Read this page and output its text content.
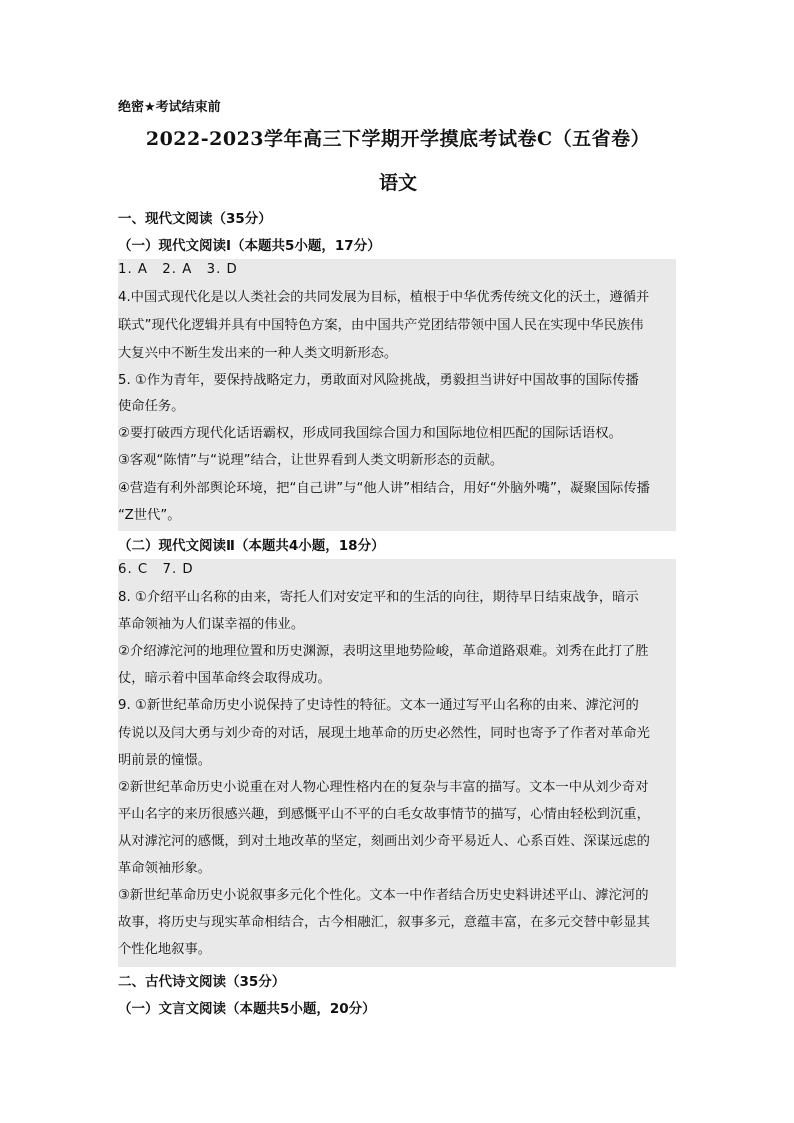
绝密★考试结束前
2022-2023学年高三下学期开学摸底考试卷C（五省卷）
语文
一、现代文阅读（35分）
（一）现代文阅读Ⅰ（本题共5小题，17分）
1. A　2. A　3. D
4.中国式现代化是以人类社会的共同发展为目标，植根于中华优秀传统文化的沃土，遵循并
联式”现代化逻辑并具有中国特色方案，由中国共产党团结带领中国人民在实现中华民族伟
大复兴中不断生发出来的一种人类文明新形态。
5. ①作为青年，要保持战略定力，勇敢面对风险挑战，勇毅担当讲好中国故事的国际传播
使命任务。
②要打破西方现代化话语霸权，形成同我国综合国力和国际地位相匹配的国际话语权。
③客观“陈情”与“说理”结合，让世界看到人类文明新形态的贡献。
④营造有利外部舆论环境，把“自己讲”与“他人讲”相结合，用好“外脑外嘴”，凝聚国际传播
“Z世代”。
（二）现代文阅读Ⅱ（本题共4小题，18分）
6. C　7. D
8. ①介绍平山名称的由来，寄托人们对安定平和的生活的向往，期待早日结束战争，暗示
革命领袖为人们谋幸福的伟业。
②介绍滹沱河的地理位置和历史渊源，表明这里地势险峻，革命道路艰难。刘秀在此打了胜
仗，暗示着中国革命终会取得成功。
9. ①新世纪革命历史小说保持了史诗性的特征。文本一通过写平山名称的由来、滹沱河的
传说以及闫大勇与刘少奇的对话，展现土地革命的历史必然性，同时也寄予了作者对革命光
明前景的憧憬。
②新世纪革命历史小说重在对人物心理性格内在的复杂与丰富的描写。文本一中从刘少奇对
平山名字的来历很感兴趣，到感慨平山不平的白毛女故事情节的描写，心情由轻松到沉重，
从对滹沱河的感慨，到对土地改革的坚定，刻画出刘少奇平易近人、心系百姓、深谋远虑的
革命领袖形象。
③新世纪革命历史小说叙事多元化个性化。文本一中作者结合历史史料讲述平山、滹沱河的
故事，将历史与现实革命相结合，古今相融汇，叙事多元，意蕴丰富，在多元交替中彰显其
个性化地叙事。
二、古代诗文阅读（35分）
（一）文言文阅读（本题共5小题，20分）
